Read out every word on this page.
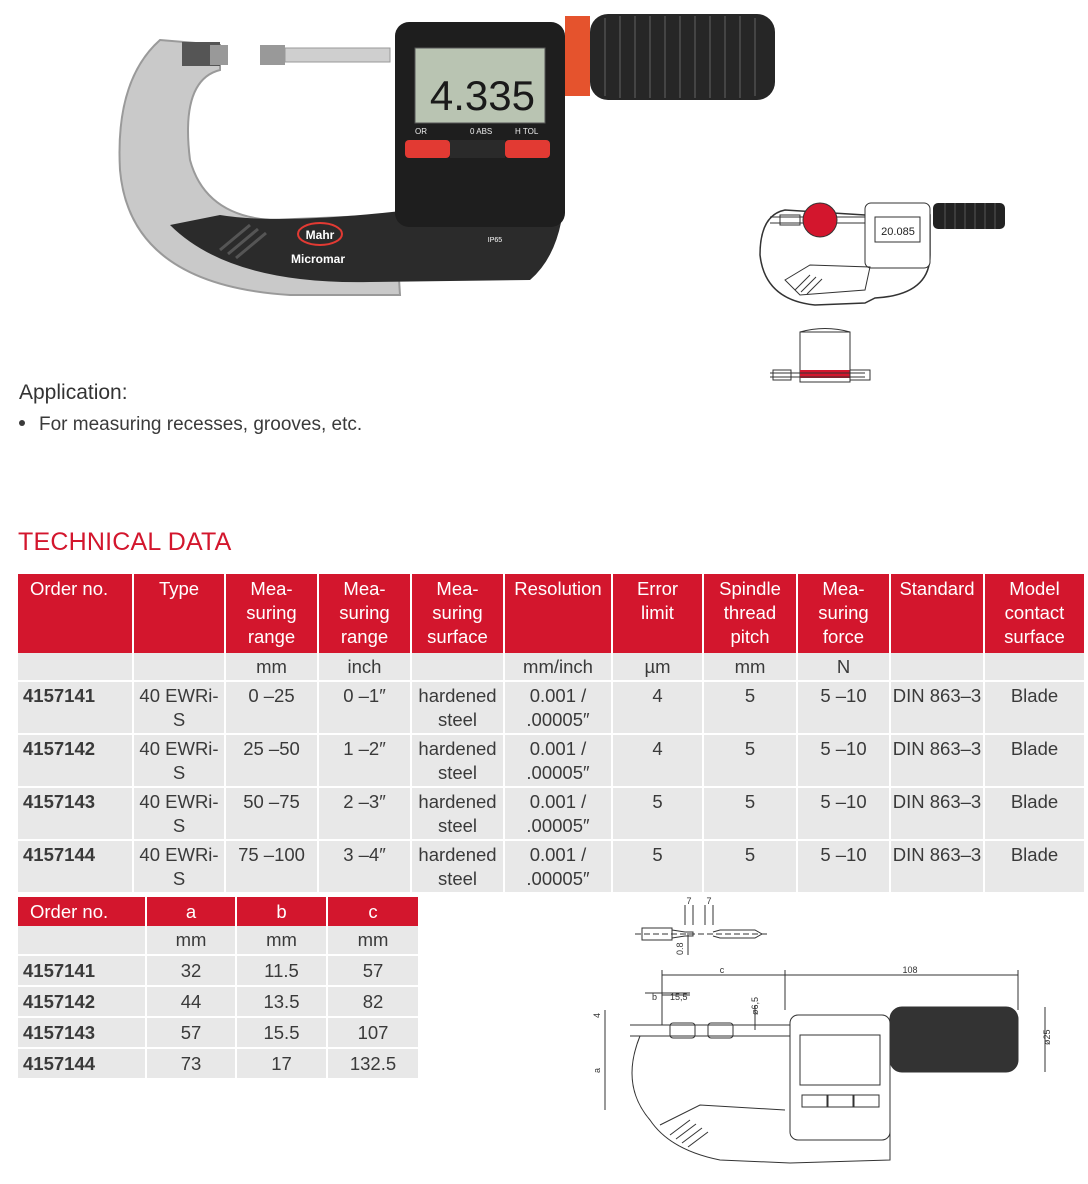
4.335
OR	0 ABS	H TOL
Mahr
Micromar
IP65
20.085
Application:
For measuring recesses, grooves, etc.
TECHNICAL DATA
Order no.	Type	Mea-
suring
range	Mea-
suring
range	Mea-
suring
surface	Resolution	Error
limit	Spindle
thread
pitch	Mea-
suring
force	Standard	Model
contact
surface
		mm	inch		mm/inch	µm	mm	N		
4157141	40 EWRi-S	0 –25	0 –1″	hardened
steel	0.001 /
.00005″	4	5	5 –10	DIN 863–3	Blade
4157142	40 EWRi-S	25 –50	1 –2″	hardened
steel	0.001 /
.00005″	4	5	5 –10	DIN 863–3	Blade
4157143	40 EWRi-S	50 –75	2 –3″	hardened
steel	0.001 /
.00005″	5	5	5 –10	DIN 863–3	Blade
4157144	40 EWRi-S	75 –100	3 –4″	hardened
steel	0.001 /
.00005″	5	5	5 –10	DIN 863–3	Blade
Order no.	a	b	c
	mm	mm	mm
4157141	32	11.5	57
4157142	44	13.5	82
4157143	57	15.5	107
4157144	73	17	132.5
7 7
0.8
b 15,5
c	108
4
a
ø6,5
ø25
